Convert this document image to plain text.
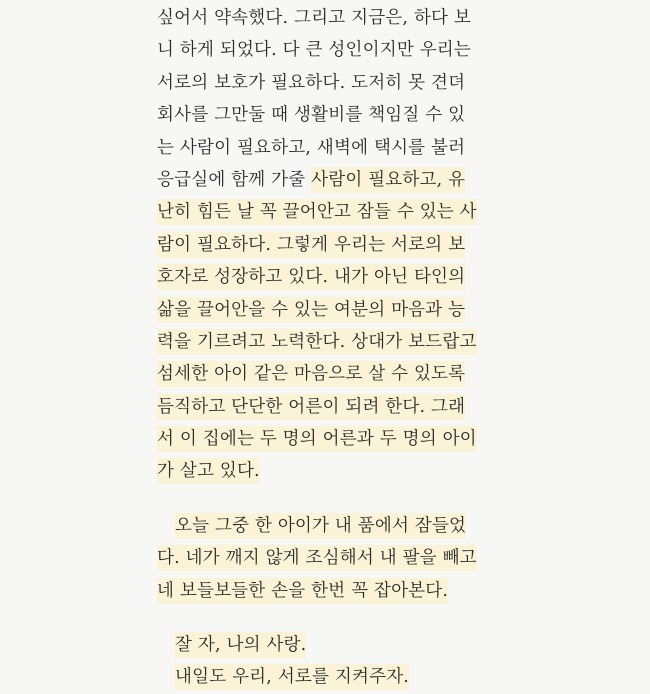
싶어서 약속했다. 그리고 지금은, 하다 보
니 하게 되었다. 다 큰 성인이지만 우리는
서로의 보호가 필요하다. 도저히 못 견뎌
회사를 그만둘 때 생활비를 책임질 수 있
는 사람이 필요하고, 새벽에 택시를 불러
응급실에 함께 가줄 사람이 필요하고, 유
난히 힘든 날 꼭 끌어안고 잠들 수 있는 사
람이 필요하다. 그렇게 우리는 서로의 보
호자로 성장하고 있다. 내가 아닌 타인의
삶을 끌어안을 수 있는 여분의 마음과 능
력을 기르려고 노력한다. 상대가 보드랍고
섬세한 아이 같은 마음으로 살 수 있도록
듬직하고 단단한 어른이 되려 한다. 그래
서 이 집에는 두 명의 어른과 두 명의 아이
가 살고 있다.
오늘 그중 한 아이가 내 품에서 잠들었
다. 네가 깨지 않게 조심해서 내 팔을 빼고
네 보들보들한 손을 한번 꼭 잡아본다.
잘 자, 나의 사랑.
내일도 우리, 서로를 지켜주자.
